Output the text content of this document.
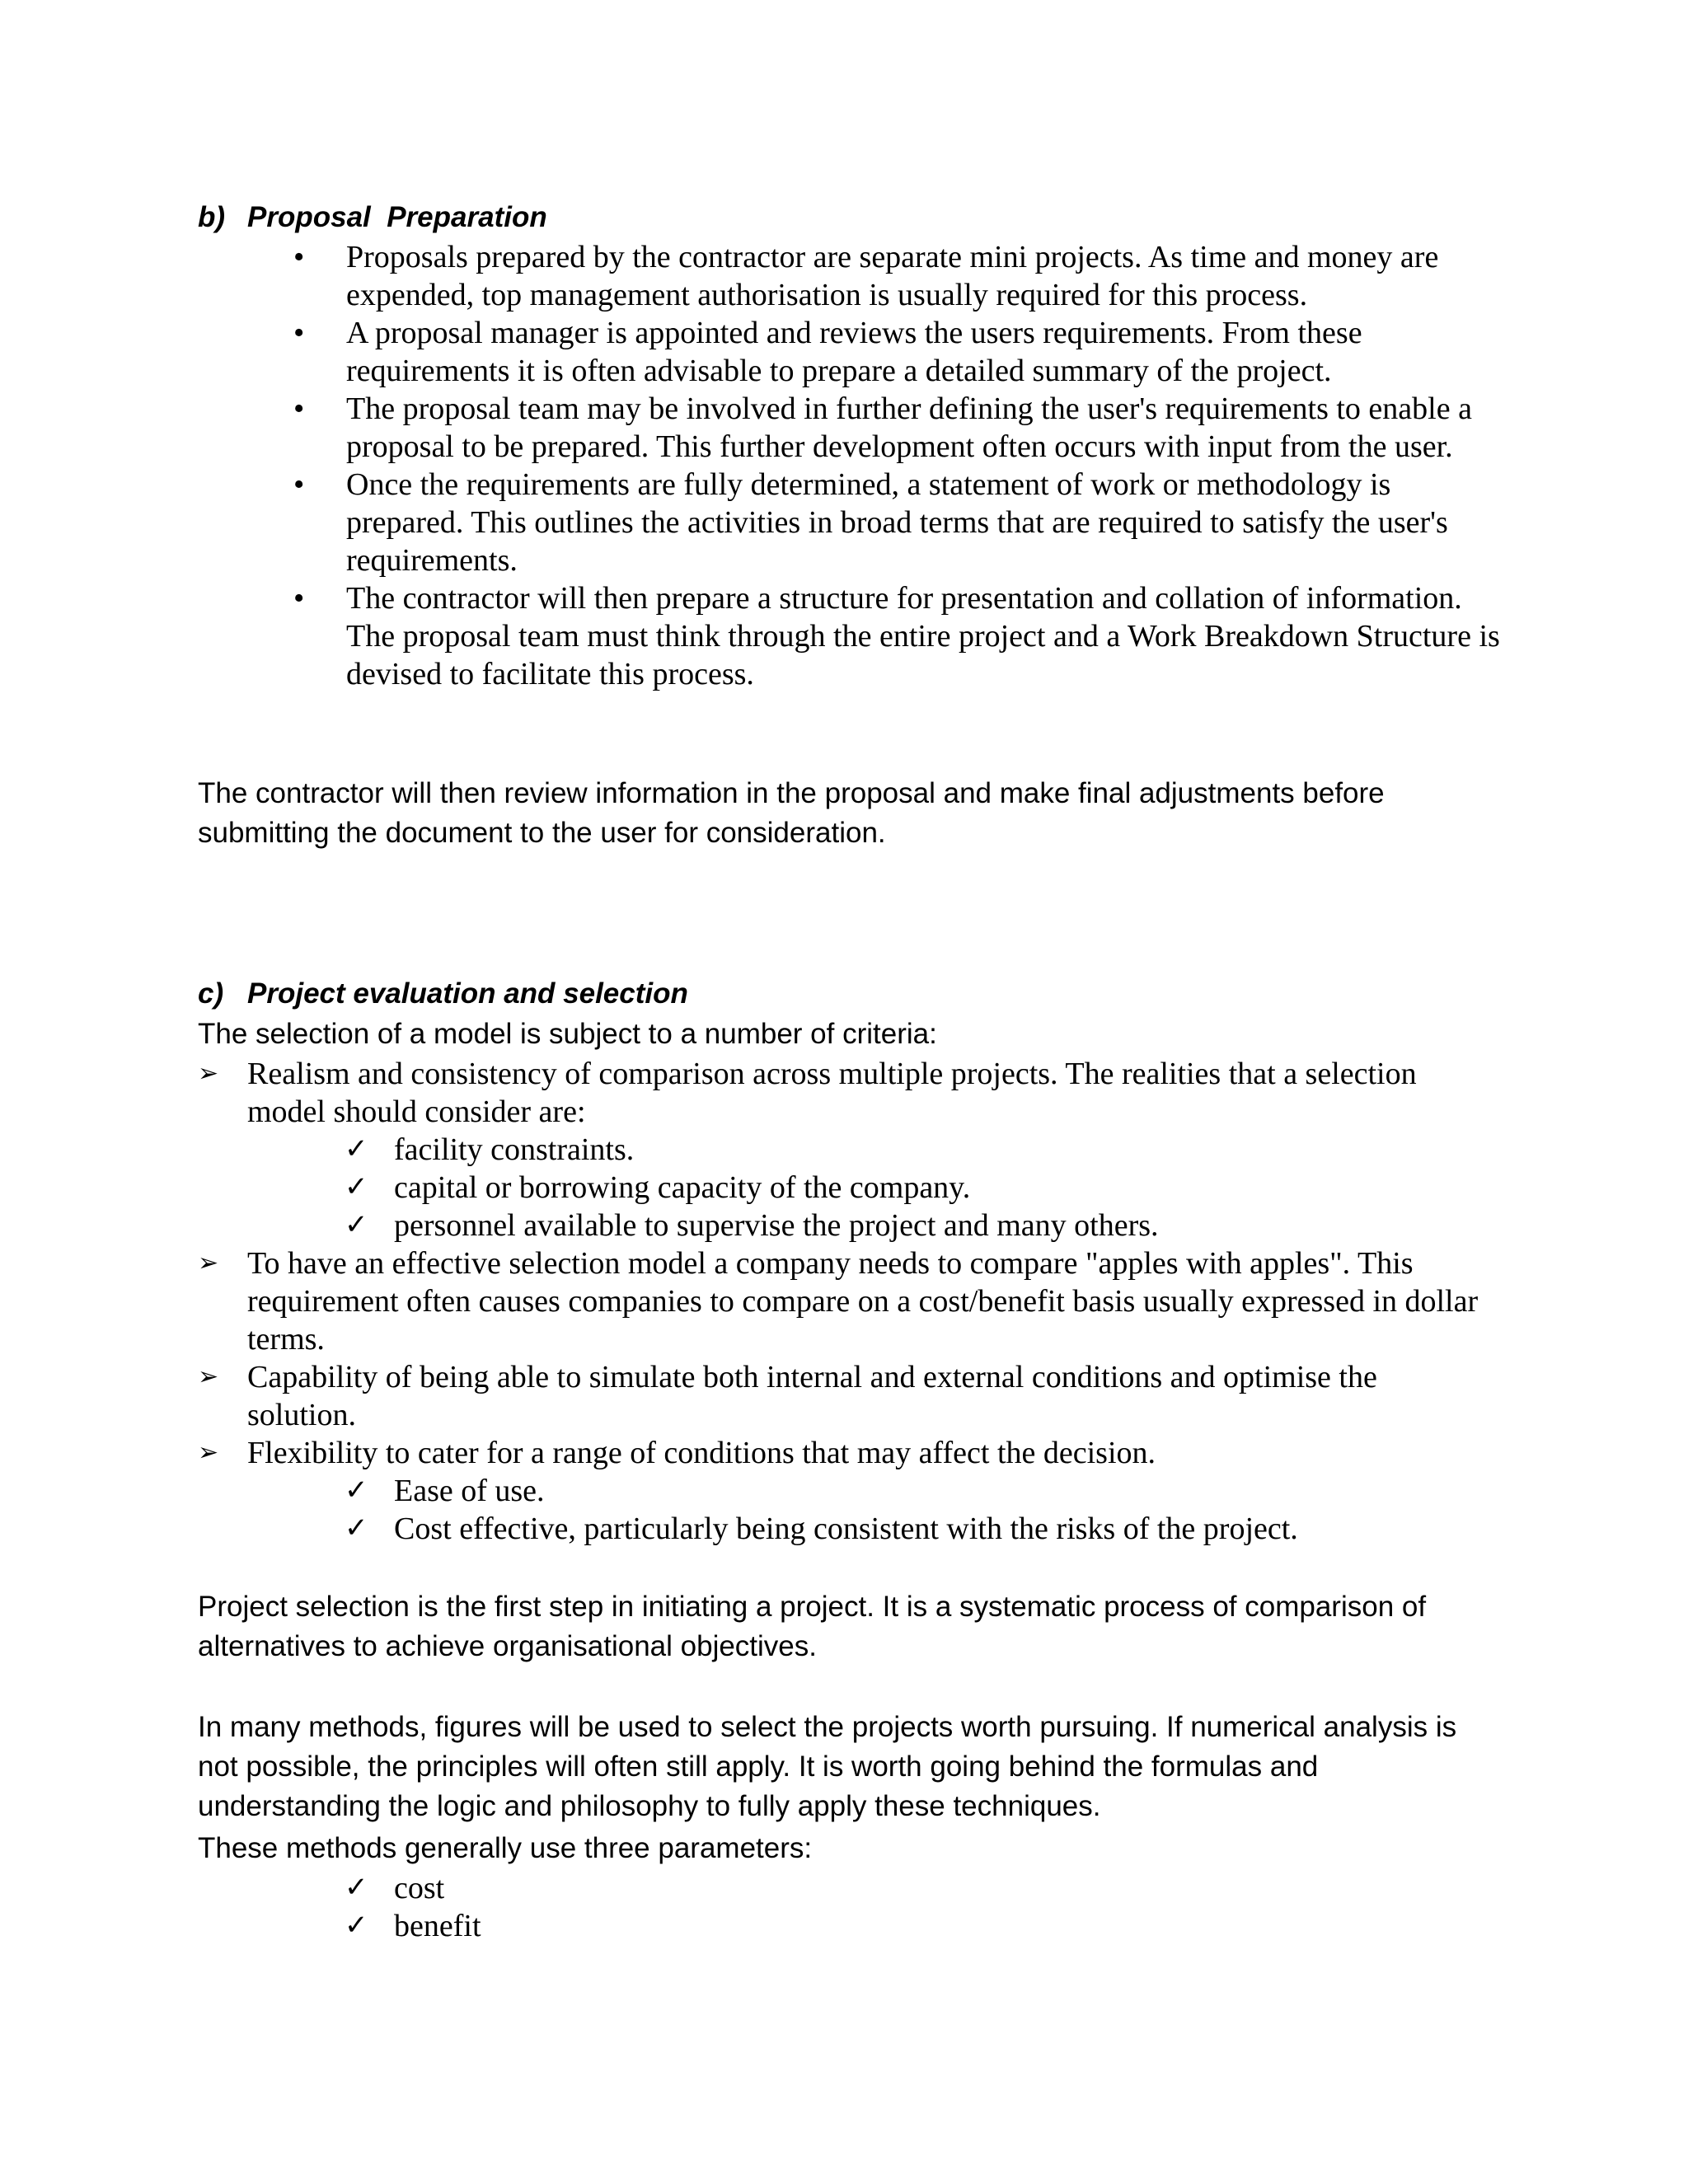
b) Proposal  Preparation
•	Proposals prepared by the contractor are separate mini projects. As time and money are expended, top management authorisation is usually required for this process.
•	A proposal manager is appointed and reviews the users requirements. From these requirements it is often advisable to prepare a detailed summary of the project.
•	The proposal team may be involved in further defining the user's requirements to enable a proposal to be prepared. This further development often occurs with input from the user.
•	Once the requirements are fully determined, a statement of work or methodology is prepared. This outlines the activities in broad terms that are required to satisfy the user's requirements.
•	The contractor will then prepare a structure for presentation and collation of information. The proposal team must think through the entire project and a Work Breakdown Structure is devised to facilitate this process.

The contractor will then review information in the proposal and make final adjustments before submitting the document to the user for consideration.

c) Project evaluation and selection

The selection of a model is subject to a number of criteria:

➢ Realism and consistency of comparison across multiple projects. The realities that a selection model should consider are:
✓ facility constraints.
✓ capital or borrowing capacity of the company.
✓ personnel available to supervise the project and many others.
➢ To have an effective selection model a company needs to compare "apples with apples". This requirement often causes companies to compare on a cost/benefit basis usually expressed in dollar terms.
➢ Capability of being able to simulate both internal and external conditions and optimise the solution.
➢ Flexibility to cater for a range of conditions that may affect the decision.
✓ Ease of use.
✓ Cost effective, particularly being consistent with the risks of the project.

Project selection is the first step in initiating a project. It is a systematic process of comparison of alternatives to achieve organisational objectives.

In many methods, figures will be used to select the projects worth pursuing. If numerical analysis is not possible, the principles will often still apply. It is worth going behind the formulas and understanding the logic and philosophy to fully apply these techniques.

These methods generally use three parameters:

✓ cost
✓ benefit
